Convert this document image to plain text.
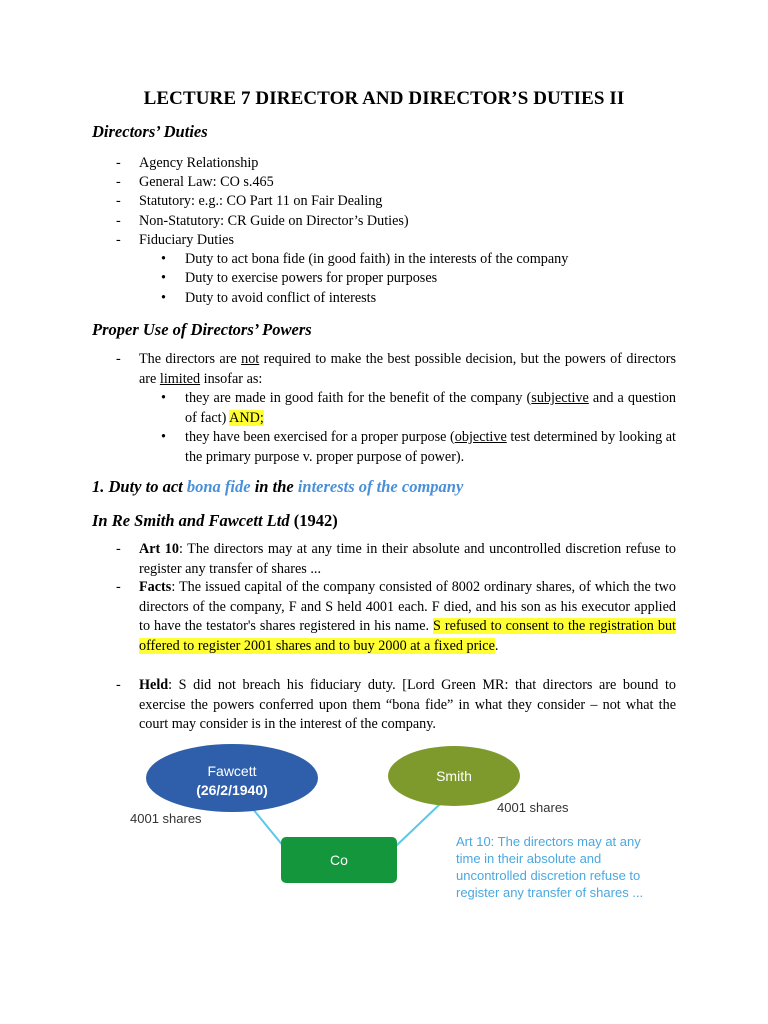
LECTURE 7 DIRECTOR AND DIRECTOR’S DUTIES II
Directors’ Duties
- Agency Relationship
- General Law: CO s.465
- Statutory: e.g.: CO Part 11 on Fair Dealing
- Non-Statutory: CR Guide on Director’s Duties)
- Fiduciary Duties
• Duty to act bona fide (in good faith) in the interests of the company
• Duty to exercise powers for proper purposes
• Duty to avoid conflict of interests
Proper Use of Directors’ Powers
- The directors are not required to make the best possible decision, but the powers of directors are limited insofar as:
• they are made in good faith for the benefit of the company (subjective and a question of fact) AND;
• they have been exercised for a proper purpose (objective test determined by looking at the primary purpose v. proper purpose of power).
1. Duty to act bona fide in the interests of the company
In Re Smith and Fawcett Ltd (1942)
- Art 10: The directors may at any time in their absolute and uncontrolled discretion refuse to register any transfer of shares ...
- Facts: The issued capital of the company consisted of 8002 ordinary shares, of which the two directors of the company, F and S held 4001 each. F died, and his son as his executor applied to have the testator's shares registered in his name. S refused to consent to the registration but offered to register 2001 shares and to buy 2000 at a fixed price.
- Held: S did not breach his fiduciary duty. [Lord Green MR: that directors are bound to exercise the powers conferred upon them “bona fide” in what they consider – not what the court may consider is in the interest of the company.
Fawcett
(26/2/1940)
Smith
4001 shares
4001 shares
Co
Art 10: The directors may at any
time in their absolute and
uncontrolled discretion refuse to
register any transfer of shares ...
